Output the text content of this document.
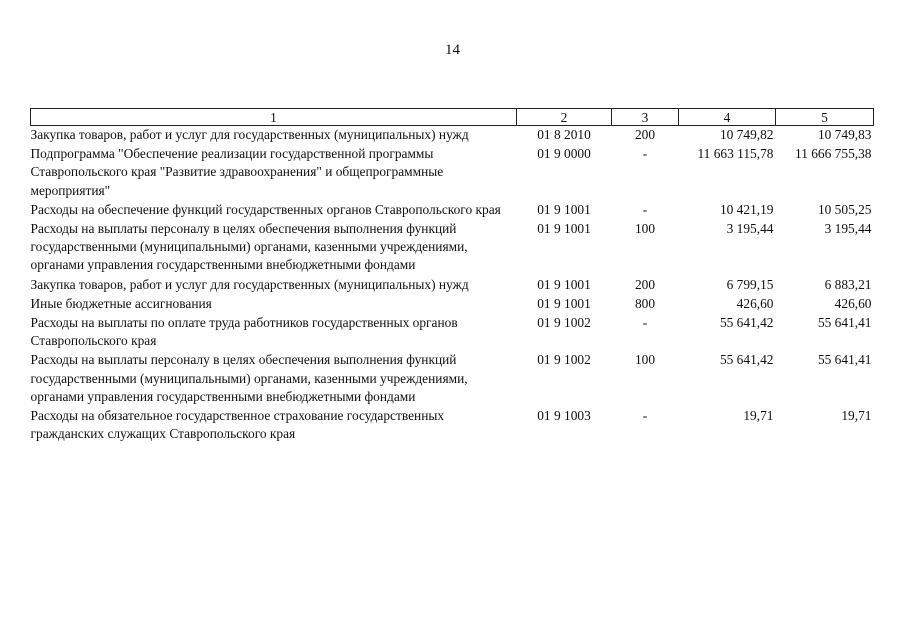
14
1	2	3	4	5
Закупка товаров, работ и услуг для государственных (муниципальных) нужд	01 8 2010	200	10 749,82	10 749,83
Подпрограмма "Обеспечение реализации государственной программы Ставропольского края "Развитие здравоохранения" и общепрограммные мероприятия"	01 9 0000	-	11 663 115,78	11 666 755,38
Расходы на обеспечение функций государственных органов Ставропольского края	01 9 1001	-	10 421,19	10 505,25
Расходы на выплаты персоналу в целях обеспечения выполнения функций государственными (муниципальными) органами, казенными учреждениями, органами управления государственными внебюджетными фондами	01 9 1001	100	3 195,44	3 195,44
Закупка товаров, работ и услуг для государственных (муниципальных) нужд	01 9 1001	200	6 799,15	6 883,21
Иные бюджетные ассигнования	01 9 1001	800	426,60	426,60
Расходы на выплаты по оплате труда работников государственных органов Ставропольского края	01 9 1002	-	55 641,42	55 641,41
Расходы на выплаты персоналу в целях обеспечения выполнения функций государственными (муниципальными) органами, казенными учреждениями, органами управления государственными внебюджетными фондами	01 9 1002	100	55 641,42	55 641,41
Расходы на обязательное государственное страхование государственных гражданских служащих Ставропольского края	01 9 1003	-	19,71	19,71
